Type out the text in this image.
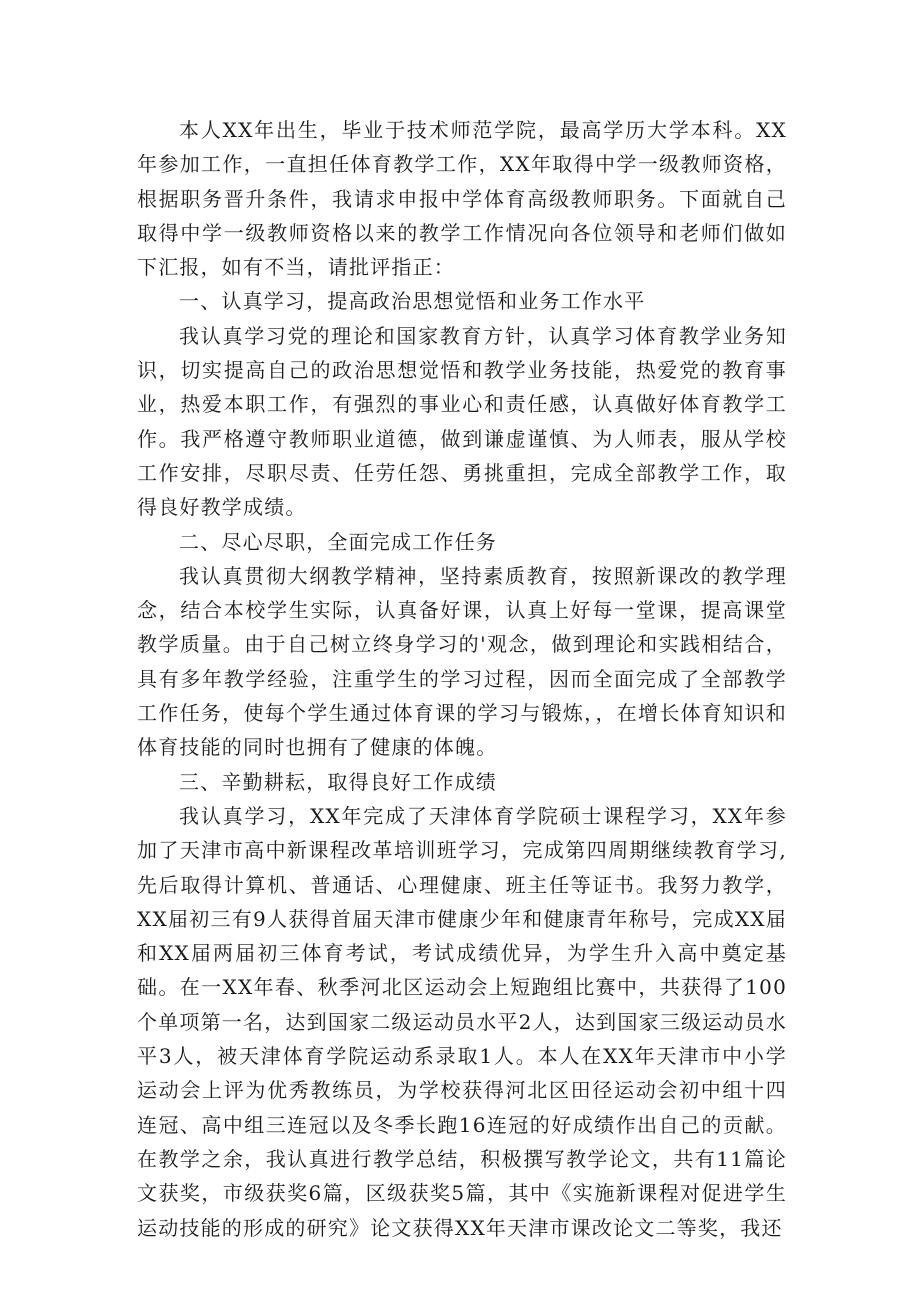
本人XX年出生，毕业于技术师范学院，最高学历大学本科。XX年参加工作，一直担任体育教学工作，XX年取得中学一级教师资格，根据职务晋升条件，我请求申报中学体育高级教师职务。下面就自己取得中学一级教师资格以来的教学工作情况向各位领导和老师们做如下汇报，如有不当，请批评指正：

一、认真学习，提高政治思想觉悟和业务工作水平

我认真学习党的理论和国家教育方针，认真学习体育教学业务知识，切实提高自己的政治思想觉悟和教学业务技能，热爱党的教育事业，热爱本职工作，有强烈的事业心和责任感，认真做好体育教学工作。我严格遵守教师职业道德，做到谦虚谨慎、为人师表，服从学校工作安排，尽职尽责、任劳任怨、勇挑重担，完成全部教学工作，取得良好教学成绩。

二、尽心尽职，全面完成工作任务

我认真贯彻大纲教学精神，坚持素质教育，按照新课改的教学理念，结合本校学生实际，认真备好课，认真上好每一堂课，提高课堂教学质量。由于自己树立终身学习的'观念，做到理论和实践相结合，具有多年教学经验，注重学生的学习过程，因而全面完成了全部教学工作任务，使每个学生通过体育课的学习与锻炼，，在增长体育知识和体育技能的同时也拥有了健康的体魄。

三、辛勤耕耘，取得良好工作成绩

我认真学习，XX年完成了天津体育学院硕士课程学习，XX年参加了天津市高中新课程改革培训班学习，完成第四周期继续教育学习,先后取得计算机、普通话、心理健康、班主任等证书。我努力教学，XX届初三有9人获得首届天津市健康少年和健康青年称号，完成XX届和XX届两届初三体育考试，考试成绩优异，为学生升入高中奠定基础。在一XX年春、秋季河北区运动会上短跑组比赛中，共获得了100个单项第一名，达到国家二级运动员水平2人，达到国家三级运动员水平3人，被天津体育学院运动系录取1人。本人在XX年天津市中小学运动会上评为优秀教练员，为学校获得河北区田径运动会初中组十四连冠、高中组三连冠以及冬季长跑16连冠的好成绩作出自己的贡献。在教学之余，我认真进行教学总结，积极撰写教学论文，共有11篇论文获奖，市级获奖6篇，区级获奖5篇，其中《实施新课程对促进学生运动技能的形成的研究》论文获得XX年天津市课改论文二等奖，我还
